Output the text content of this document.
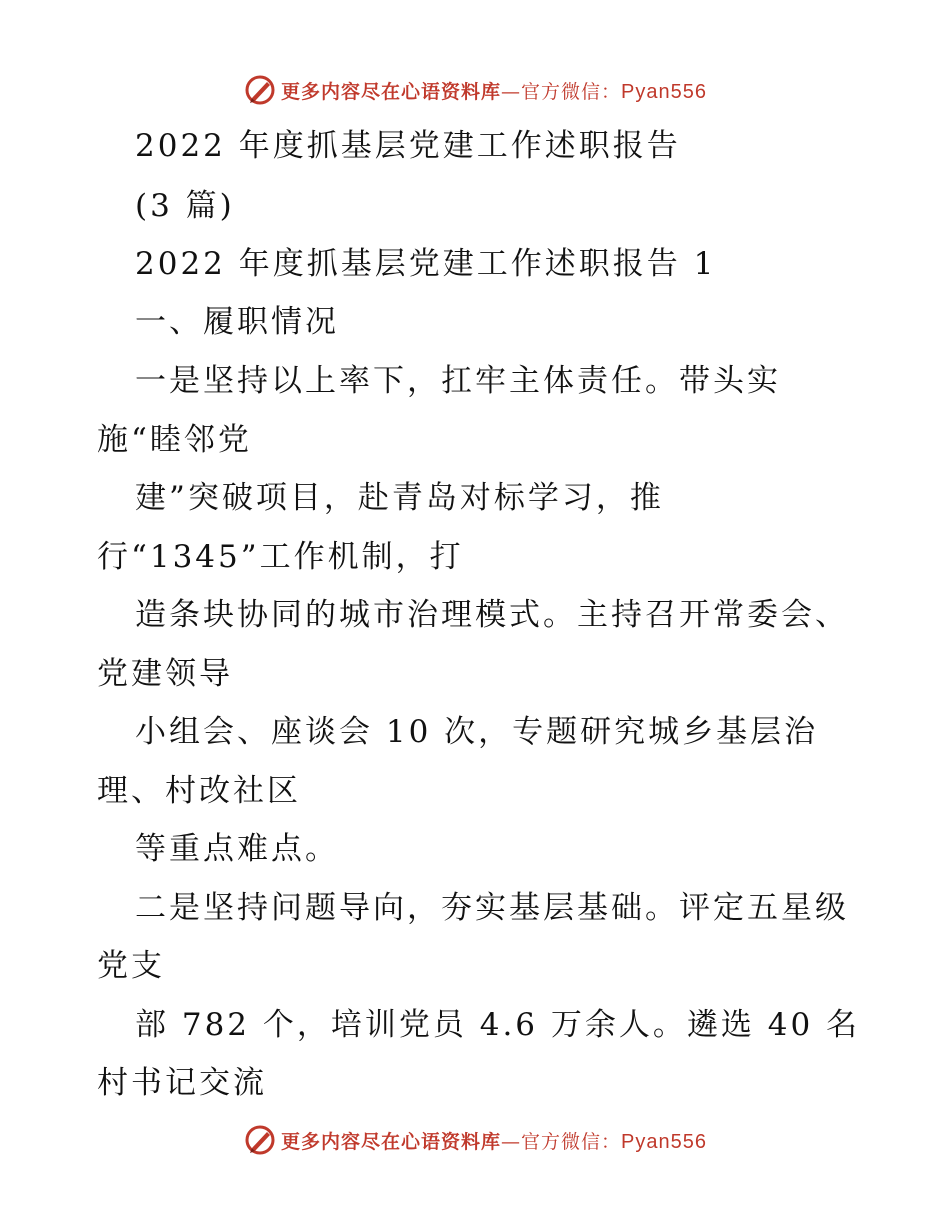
更多内容尽在心语资料库—官方微信：Pyan556
2022 年度抓基层党建工作述职报告
(3 篇)
2022 年度抓基层党建工作述职报告 1
一、履职情况
一是坚持以上率下，扛牢主体责任。带头实
施“睦邻党
建”突破项目，赴青岛对标学习，推
行“1345”工作机制，打
造条块协同的城市治理模式。主持召开常委会、
党建领导
小组会、座谈会 10 次，专题研究城乡基层治
理、村改社区
等重点难点。
二是坚持问题导向，夯实基层基础。评定五星级
党支
部 782 个，培训党员 4.6 万余人。遴选 40 名
村书记交流
更多内容尽在心语资料库—官方微信：Pyan556
